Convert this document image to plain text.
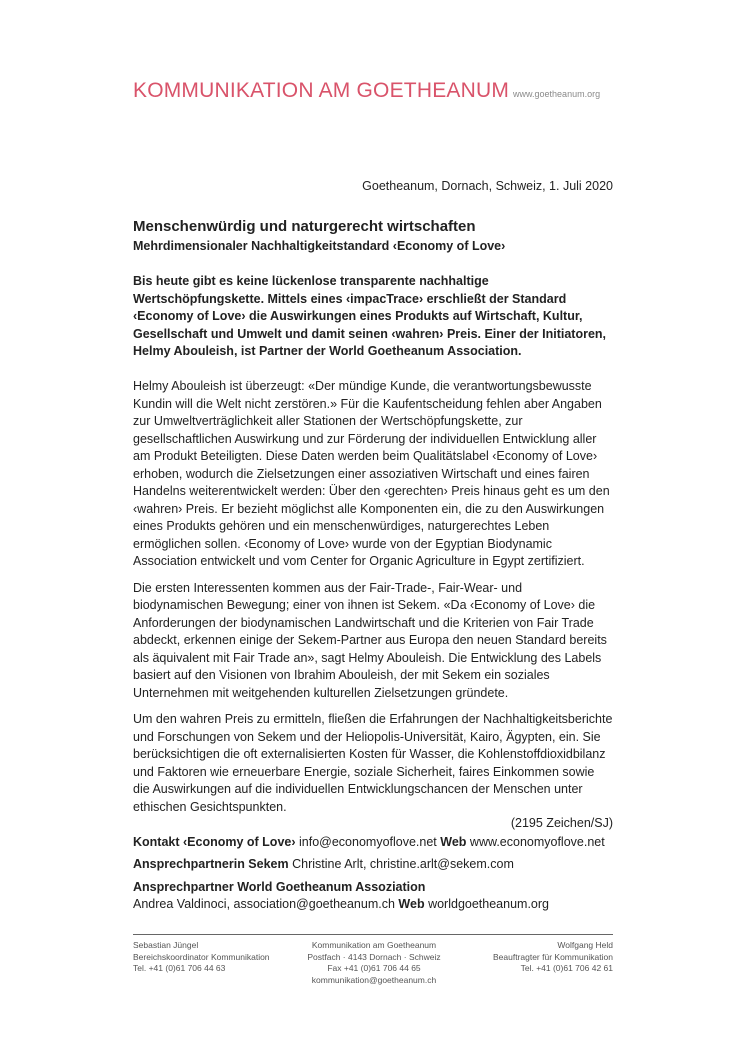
KOMMUNIKATION AM GOETHEANUM www.goetheanum.org
Goetheanum, Dornach, Schweiz, 1. Juli 2020
Menschenwürdig und naturgerecht wirtschaften
Mehrdimensionaler Nachhaltigkeitstandard ‹Economy of Love›

Bis heute gibt es keine lückenlose transparente nachhaltige Wertschöpfungskette. Mittels eines ‹impacTrace› erschließt der Standard ‹Economy of Love› die Auswirkungen eines Produkts auf Wirtschaft, Kultur, Gesellschaft und Umwelt und damit seinen ‹wahren› Preis. Einer der Initiatoren, Helmy Abouleish, ist Partner der World Goetheanum Association.

Helmy Abouleish ist überzeugt: «Der mündige Kunde, die verantwortungsbewusste Kundin will die Welt nicht zerstören.» Für die Kaufentscheidung fehlen aber Angaben zur Umweltverträglichkeit aller Stationen der Wertschöpfungskette, zur gesellschaftlichen Auswirkung und zur Förderung der individuellen Entwicklung aller am Produkt Beteiligten. Diese Daten werden beim Qualitätslabel ‹Economy of Love› erhoben, wodurch die Zielsetzungen einer assoziativen Wirtschaft und eines fairen Handelns weiterentwickelt werden: Über den ‹gerechten› Preis hinaus geht es um den ‹wahren› Preis. Er bezieht möglichst alle Komponenten ein, die zu den Auswirkungen eines Produkts gehören und ein menschenwürdiges, naturgerechtes Leben ermöglichen sollen. ‹Economy of Love› wurde von der Egyptian Biodynamic Association entwickelt und vom Center for Organic Agriculture in Egypt zertifiziert.

Die ersten Interessenten kommen aus der Fair-Trade-, Fair-Wear- und biodynamischen Bewegung; einer von ihnen ist Sekem. «Da ‹Economy of Love› die Anforderungen der biodynamischen Landwirtschaft und die Kriterien von Fair Trade abdeckt, erkennen einige der Sekem-Partner aus Europa den neuen Standard bereits als äquivalent mit Fair Trade an», sagt Helmy Abouleish. Die Entwicklung des Labels basiert auf den Visionen von Ibrahim Abouleish, der mit Sekem ein soziales Unternehmen mit weitgehenden kulturellen Zielsetzungen gründete.

Um den wahren Preis zu ermitteln, fließen die Erfahrungen der Nachhaltigkeitsberichte und Forschungen von Sekem und der Heliopolis-Universität, Kairo, Ägypten, ein. Sie berücksichtigen die oft externalisierten Kosten für Wasser, die Kohlenstoffdioxidbilanz und Faktoren wie erneuerbare Energie, soziale Sicherheit, faires Einkommen sowie die Auswirkungen auf die individuellen Entwicklungschancen der Menschen unter ethischen Gesichtspunkten.

(2195 Zeichen/SJ)
Kontakt ‹Economy of Love› info@economyoflove.net Web www.economyoflove.net
Ansprechpartnerin Sekem Christine Arlt, christine.arlt@sekem.com
Ansprechpartner World Goetheanum Assoziation
Andrea Valdinoci, association@goetheanum.ch Web worldgoetheanum.org
Sebastian Jüngel
Bereichskoordinator Kommunikation
Tel. +41 (0)61 706 44 63
Kommunikation am Goetheanum
Postfach · 4143 Dornach · Schweiz
Fax +41 (0)61 706 44 65
kommunikation@goetheanum.ch
Wolfgang Held
Beauftragter für Kommunikation
Tel. +41 (0)61 706 42 61
